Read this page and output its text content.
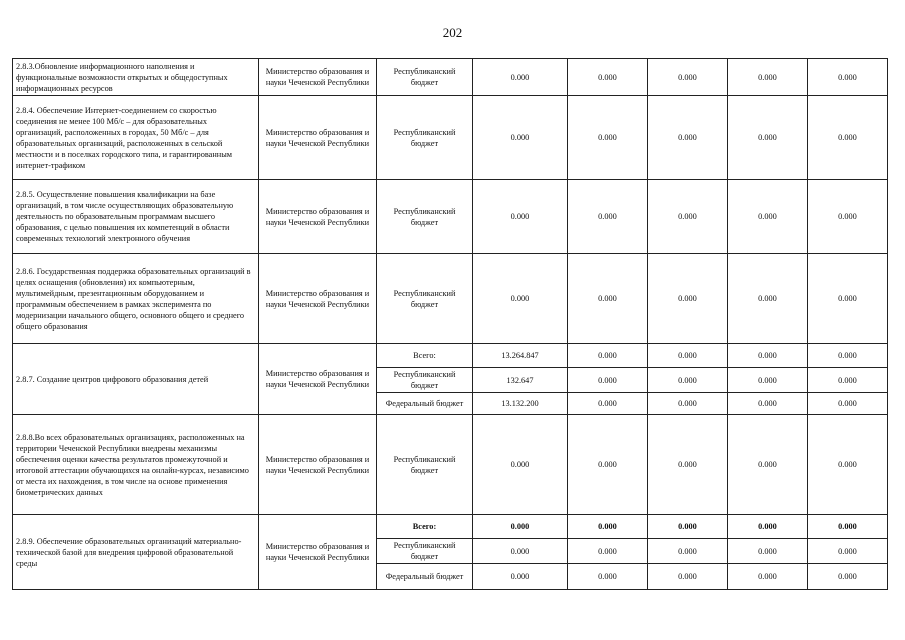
202
2.8.3.Обновление информационного наполнения и функциональные возможности открытых и общедоступных информационных ресурсов	Министерство образования и науки Чеченской Республики	Республиканский бюджет	0.000	0.000	0.000	0.000	0.000
2.8.4. Обеспечение Интернет-соединением со скоростью соединения не менее 100 Мб/с – для образовательных организаций, расположенных в городах, 50 Мб/с – для образовательных организаций, расположенных в сельской местности и в поселках городского типа, и гарантированным интернет-трафиком	Министерство образования и науки Чеченской Республики	Республиканский бюджет	0.000	0.000	0.000	0.000	0.000
2.8.5. Осуществление повышения квалификации на базе организаций, в том числе осуществляющих образовательную деятельность по образовательным программам высшего образования, с целью повышения их компетенций в области современных технологий электронного обучения	Министерство образования и науки Чеченской Республики	Республиканский бюджет	0.000	0.000	0.000	0.000	0.000
2.8.6. Государственная поддержка образовательных организаций в целях оснащения (обновления) их компьютерным, мультимейдным, презентационным оборудованием и программным обеспечением в рамках эксперимента по модернизации начального общего, основного общего и среднего общего образования	Министерство образования и науки Чеченской Республики	Республиканский бюджет	0.000	0.000	0.000	0.000	0.000
2.8.7. Создание центров цифрового образования детей	Министерство образования и науки Чеченской Республики	Всего:	13.264.847	0.000	0.000	0.000	0.000
		Республиканский бюджет	132.647	0.000	0.000	0.000	0.000
		Федеральный бюджет	13.132.200	0.000	0.000	0.000	0.000
2.8.8.Во всех образовательных организациях, расположенных на территории Чеченской Республики внедрены механизмы обеспечения оценки качества результатов промежуточной и итоговой аттестации обучающихся на онлайн-курсах, независимо от места их нахождения, в том числе на основе применения биометрических данных	Министерство образования и науки Чеченской Республики	Республиканский бюджет	0.000	0.000	0.000	0.000	0.000
2.8.9. Обеспечение образовательных организаций материально-технической базой для внедрения цифровой образовательной среды	Министерство образования и науки Чеченской Республики	Всего:	0.000	0.000	0.000	0.000	0.000
		Республиканский бюджет	0.000	0.000	0.000	0.000	0.000
		Федеральный бюджет	0.000	0.000	0.000	0.000	0.000
